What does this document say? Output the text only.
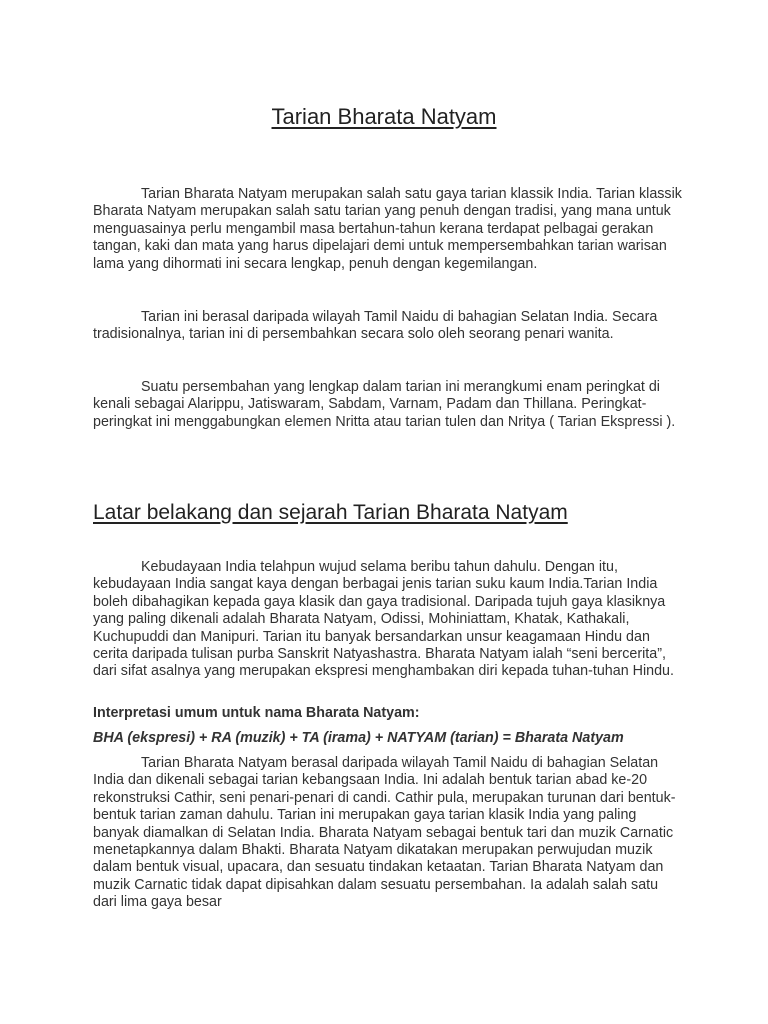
Tarian Bharata Natyam

Tarian Bharata Natyam merupakan salah satu gaya tarian klassik India. Tarian klassik Bharata Natyam merupakan salah satu tarian yang penuh dengan tradisi, yang mana untuk menguasainya perlu mengambil masa bertahun-tahun kerana terdapat pelbagai gerakan tangan, kaki dan mata yang harus dipelajari demi untuk mempersembahkan tarian warisan lama yang dihormati ini secara lengkap, penuh dengan kegemilangan.

Tarian ini berasal daripada wilayah Tamil Naidu di bahagian Selatan India. Secara tradisionalnya, tarian ini di persembahkan secara solo oleh seorang penari wanita.

Suatu persembahan yang lengkap dalam tarian ini merangkumi enam peringkat di kenali sebagai Alarippu, Jatiswaram, Sabdam, Varnam, Padam dan Thillana. Peringkat-peringkat ini menggabungkan elemen Nritta atau tarian tulen dan Nritya ( Tarian Ekspressi ).

Latar belakang dan sejarah Tarian Bharata Natyam

Kebudayaan India telahpun wujud selama beribu tahun dahulu. Dengan itu, kebudayaan India sangat kaya dengan berbagai jenis tarian suku kaum India.Tarian India boleh dibahagikan kepada gaya klasik dan gaya tradisional. Daripada tujuh gaya klasiknya yang paling dikenali adalah Bharata Natyam, Odissi, Mohiniattam, Khatak, Kathakali, Kuchupuddi dan Manipuri. Tarian itu banyak bersandarkan unsur keagamaan Hindu dan cerita daripada tulisan purba Sanskrit Natyashastra. Bharata Natyam ialah “seni bercerita”, dari sifat asalnya yang merupakan ekspresi menghambakan diri kepada tuhan-tuhan Hindu.

Interpretasi umum untuk nama Bharata Natyam:

BHA (ekspresi) + RA (muzik) + TA (irama) + NATYAM (tarian) = Bharata Natyam

Tarian Bharata Natyam berasal daripada wilayah Tamil Naidu di bahagian Selatan India dan dikenali sebagai tarian kebangsaan India. Ini adalah bentuk tarian abad ke-20 rekonstruksi Cathir, seni penari-penari di candi. Cathir pula, merupakan turunan dari bentuk-bentuk tarian zaman dahulu. Tarian ini merupakan gaya tarian klasik India yang paling banyak diamalkan di Selatan India. Bharata Natyam sebagai bentuk tari dan muzik Carnatic menetapkannya dalam Bhakti. Bharata Natyam dikatakan merupakan perwujudan muzik dalam bentuk visual, upacara, dan sesuatu tindakan ketaatan. Tarian Bharata Natyam dan muzik Carnatic tidak dapat dipisahkan dalam sesuatu persembahan. Ia adalah salah satu dari lima gaya besar
